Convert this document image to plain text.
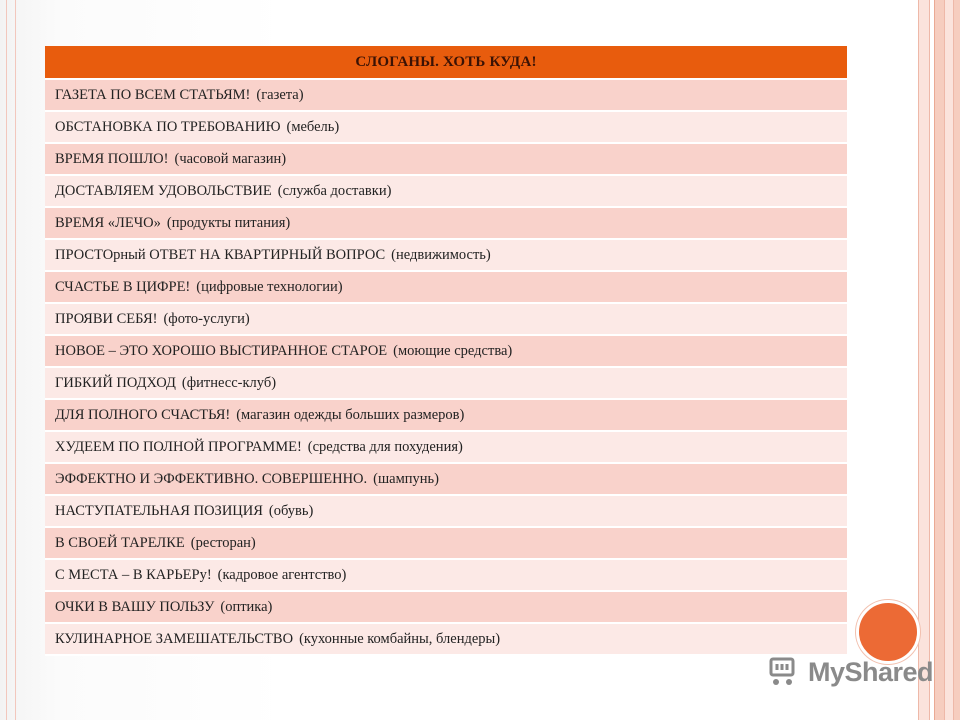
СЛОГАНЫ. ХОТЬ КУДА!
ГАЗЕТА ПО ВСЕМ СТАТЬЯМ! (газета)
ОБСТАНОВКА ПО ТРЕБОВАНИЮ (мебель)
ВРЕМЯ ПОШЛО! (часовой магазин)
ДОСТАВЛЯЕМ УДОВОЛЬСТВИЕ (служба доставки)
ВРЕМЯ «ЛЕЧО» (продукты питания)
ПРОСТОрный ОТВЕТ НА КВАРТИРНЫЙ ВОПРОС (недвижимость)
СЧАСТЬЕ В ЦИФРЕ! (цифровые технологии)
ПРОЯВИ СЕБЯ! (фото-услуги)
НОВОЕ – ЭТО ХОРОШО ВЫСТИРАННОЕ СТАРОЕ (моющие средства)
ГИБКИЙ ПОДХОД (фитнесс-клуб)
ДЛЯ ПОЛНОГО СЧАСТЬЯ! (магазин одежды больших размеров)
ХУДЕЕМ ПО ПОЛНОЙ ПРОГРАММЕ! (средства для похудения)
ЭФФЕКТНО И ЭФФЕКТИВНО. СОВЕРШЕННО. (шампунь)
НАСТУПАТЕЛЬНАЯ ПОЗИЦИЯ (обувь)
В СВОЕЙ ТАРЕЛКЕ (ресторан)
С МЕСТА – В КАРЬЕРу! (кадровое агентство)
ОЧКИ В ВАШУ ПОЛЬЗУ (оптика)
КУЛИНАРНОЕ ЗАМЕШАТЕЛЬСТВО (кухонные комбайны, блендеры)
MyShared
